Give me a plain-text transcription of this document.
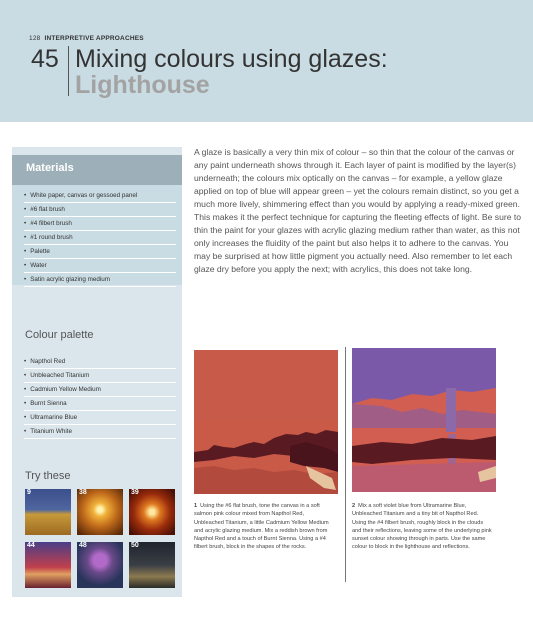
128 INTERPRETIVE APPROACHES
45 Mixing colours using glazes:
Lighthouse
Materials
• White paper, canvas or gessoed panel
• #6 flat brush
• #4 filbert brush
• #1 round brush
• Palette
• Water
• Satin acrylic glazing medium
Colour palette
• Napthol Red
• Unbleached Titanium
• Cadmium Yellow Medium
• Burnt Sienna
• Ultramarine Blue
• Titanium White
Try these
9	38	39
44	48	50

A glaze is basically a very thin mix of colour – so thin that the colour of the canvas or any paint underneath shows through it. Each layer of paint is modified by the layer(s) underneath; the colours mix optically on the canvas – for example, a yellow glaze applied on top of blue will appear green – yet the colours remain distinct, so you get a much more lively, shimmering effect than you would by applying a ready-mixed green. This makes it the perfect technique for capturing the fleeting effects of light. Be sure to thin the paint for your glazes with acrylic glazing medium rather than water, as this not only increases the fluidity of the paint but also helps it to adhere to the canvas. You may be surprised at how little pigment you actually need. Also remember to let each glaze dry before you apply the next; with acrylics, this does not take long.

1 Using the #6 flat brush, tone the canvas in a soft salmon pink colour mixed from Napthol Red, Unbleached Titanium, a little Cadmium Yellow Medium and acrylic glazing medium. Mix a reddish brown from Napthol Red and a touch of Burnt Sienna. Using a #4 filbert brush, block in the shapes of the rocks.

2 Mix a soft violet blue from Ultramarine Blue, Unbleached Titanium and a tiny bit of Napthol Red. Using the #4 filbert brush, roughly block in the clouds and their reflections, leaving some of the underlying pink sunset colour showing through in parts. Use the same colour to block in the lighthouse and reflections.
